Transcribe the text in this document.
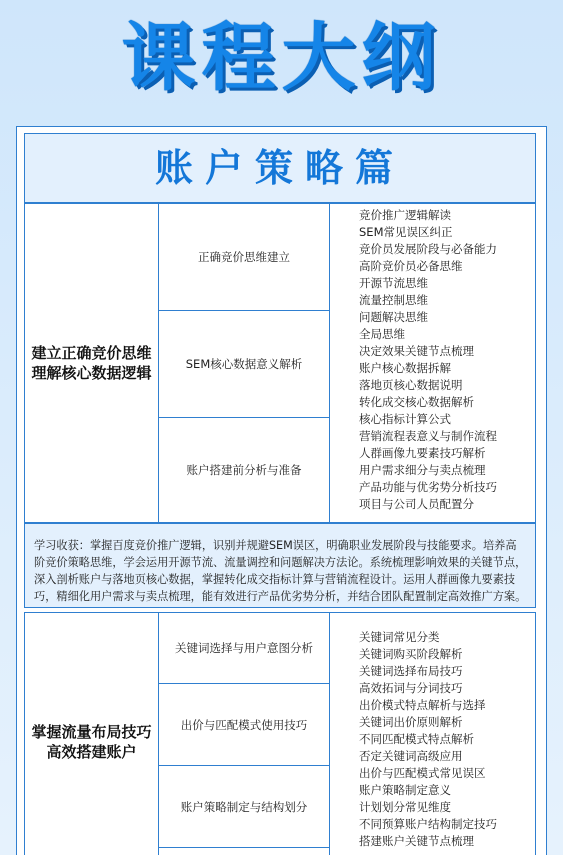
课程大纲
账户策略篇
建立正确竞价思维
理解核心数据逻辑
正确竞价思维建立
SEM核心数据意义解析
账户搭建前分析与准备
竞价推广逻辑解读
SEM常见误区纠正
竞价员发展阶段与必备能力
高阶竞价员必备思维
开源节流思维
流量控制思维
问题解决思维
全局思维
决定效果关键节点梳理
账户核心数据拆解
落地页核心数据说明
转化成交核心数据解析
核心指标计算公式
营销流程表意义与制作流程
人群画像九要素技巧解析
用户需求细分与卖点梳理
产品功能与优劣势分析技巧
项目与公司人员配置分
学习收获：掌握百度竞价推广逻辑，识别并规避SEM误区，明确职业发展阶段与技能要求。培养高阶竞价策略思维，学会运用开源节流、流量调控和问题解决方法论。系统梳理影响效果的关键节点，深入剖析账户与落地页核心数据，掌握转化成交指标计算与营销流程设计。运用人群画像九要素技巧，精细化用户需求与卖点梳理，能有效进行产品优劣势分析，并结合团队配置制定高效推广方案。
掌握流量布局技巧
高效搭建账户
关键词选择与用户意图分析
出价与匹配模式使用技巧
账户策略制定与结构划分
关键词常见分类
关键词购买阶段解析
关键词选择布局技巧
高效拓词与分词技巧
出价模式特点解析与选择
关键词出价原则解析
不同匹配模式特点解析
否定关键词高级应用
出价与匹配模式常见误区
账户策略制定意义
计划划分常见维度
不同预算账户结构制定技巧
搭建账户关键节点梳理
